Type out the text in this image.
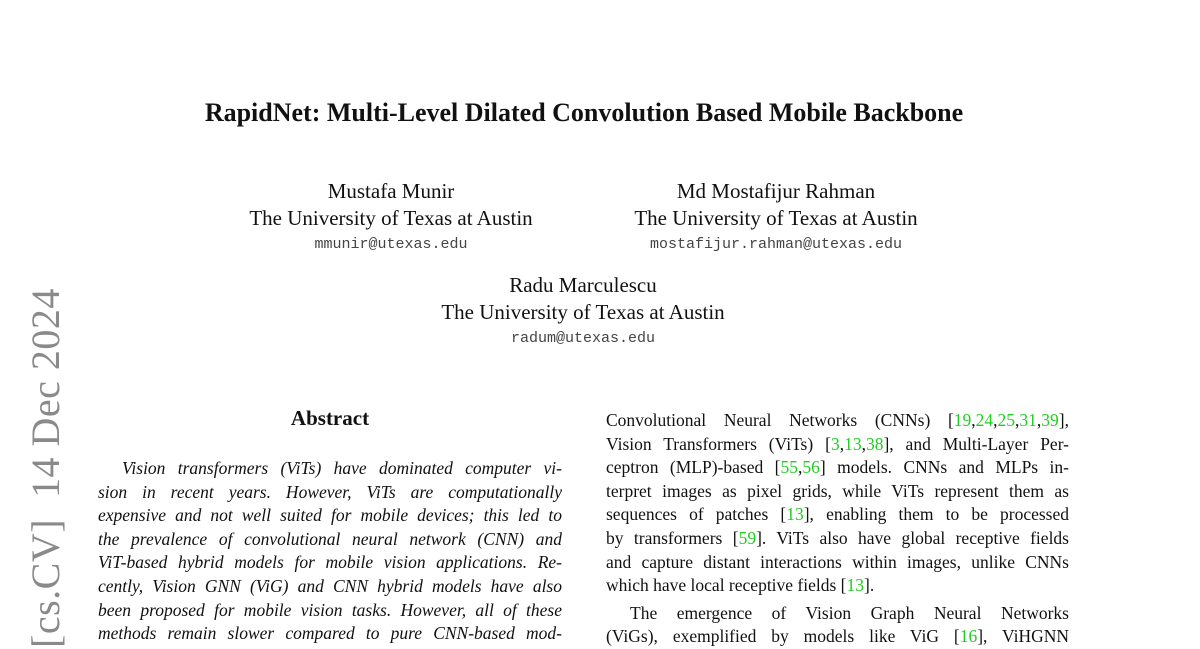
[cs.CV]  14 Dec 2024
RapidNet: Multi-Level Dilated Convolution Based Mobile Backbone
Mustafa Munir
The University of Texas at Austin
mmunir@utexas.edu
Md Mostafijur Rahman
The University of Texas at Austin
mostafijur.rahman@utexas.edu
Radu Marculescu
The University of Texas at Austin
radum@utexas.edu
Abstract
Vision transformers (ViTs) have dominated computer vi-
sion in recent years. However, ViTs are computationally
expensive and not well suited for mobile devices; this led to
the prevalence of convolutional neural network (CNN) and
ViT-based hybrid models for mobile vision applications. Re-
cently, Vision GNN (ViG) and CNN hybrid models have also
been proposed for mobile vision tasks. However, all of these
methods remain slower compared to pure CNN-based mod-
Convolutional Neural Networks (CNNs) [19,24,25,31,39],
Vision Transformers (ViTs) [3,13,38], and Multi-Layer Per-
ceptron (MLP)-based [55,56] models. CNNs and MLPs in-
terpret images as pixel grids, while ViTs represent them as
sequences of patches [13], enabling them to be processed
by transformers [59]. ViTs also have global receptive fields
and capture distant interactions within images, unlike CNNs
which have local receptive fields [13].
The emergence of Vision Graph Neural Networks
(ViGs), exemplified by models like ViG [16], ViHGNN
